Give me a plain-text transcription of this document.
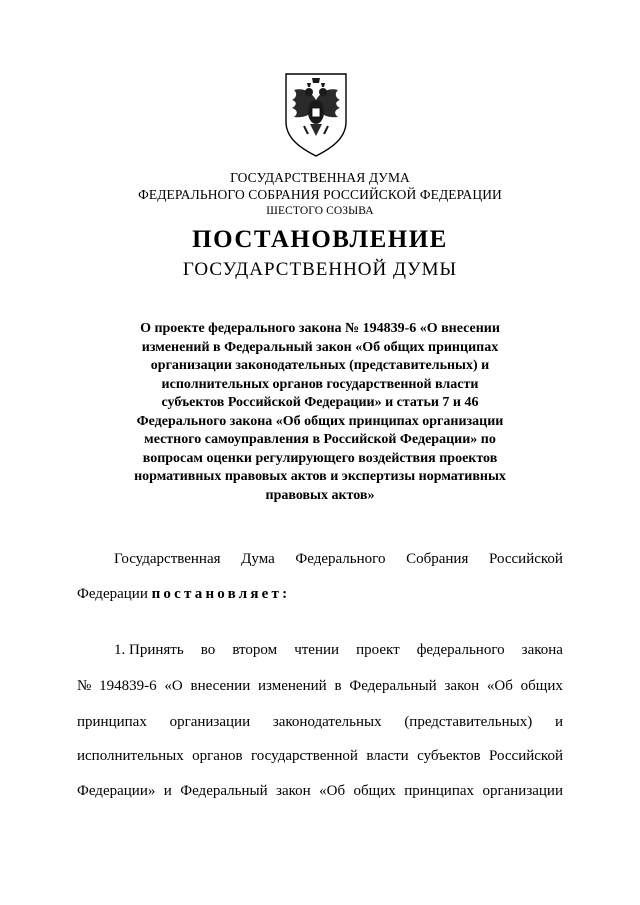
ГОСУДАРСТВЕННАЯ ДУМА
ФЕДЕРАЛЬНОГО СОБРАНИЯ РОССИЙСКОЙ ФЕДЕРАЦИИ
ШЕСТОГО СОЗЫВА
ПОСТАНОВЛЕНИЕ
ГОСУДАРСТВЕННОЙ ДУМЫ
О проекте федерального закона № 194839-6 «О внесении
изменений в Федеральный закон «Об общих принципах
организации законодательных (представительных) и
исполнительных органов государственной власти
субъектов Российской Федерации» и статьи 7 и 46
Федерального закона «Об общих принципах организации
местного самоуправления в Российской Федерации» по
вопросам оценки регулирующего воздействия проектов
нормативных правовых актов и экспертизы нормативных
правовых актов»
Государственная Дума Федерального Собрания Российской
Федерации постановляет:
1. Принять во втором чтении проект федерального закона
№ 194839-6 «О внесении изменений в Федеральный закон «Об общих
принципах организации законодательных (представительных) и
исполнительных органов государственной власти субъектов Российской
Федерации» и Федеральный закон «Об общих принципах организации
